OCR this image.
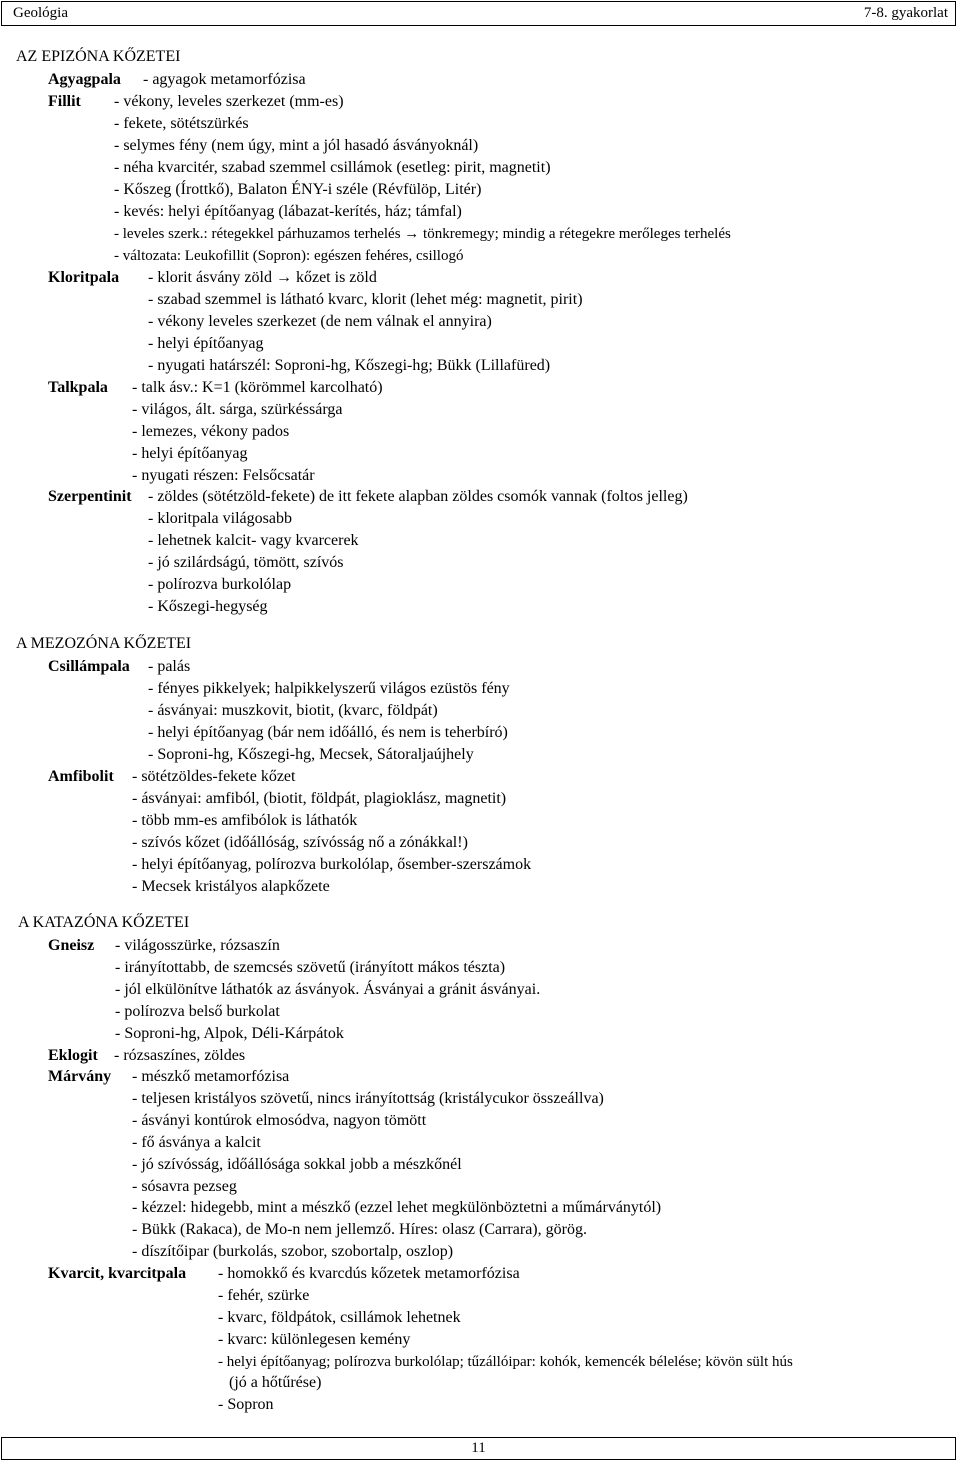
Geológia	7-8. gyakorlat
AZ EPIZÓNA KŐZETEI
Agyagpala - agyagok metamorfózisa
Fillit - vékony, leveles szerkezet (mm-es)
- fekete, sötétszürkés
- selymes fény (nem úgy, mint a jól hasadó ásványoknál)
- néha kvarcitér, szabad szemmel csillámok (esetleg: pirit, magnetit)
- Kőszeg (Írottkő), Balaton ÉNY-i széle (Révfülöp, Litér)
- kevés: helyi építőanyag (lábazat-kerítés, ház; támfal)
- leveles szerk.: rétegekkel párhuzamos terhelés → tönkremegy; mindig a rétegekre merőleges terhelés
- változata: Leukofillit (Sopron): egészen fehéres, csillogó
Kloritpala - klorit ásvány zöld → kőzet is zöld
- szabad szemmel is látható kvarc, klorit (lehet még: magnetit, pirit)
- vékony leveles szerkezet (de nem válnak el annyira)
- helyi építőanyag
- nyugati határszél: Soproni-hg, Kőszegi-hg; Bükk (Lillafüred)
Talkpala - talk ásv.: K=1 (körömmel karcolható)
- világos, ált. sárga, szürkéssárga
- lemezes, vékony pados
- helyi építőanyag
- nyugati részen: Felsőcsatár
Szerpentinit - zöldes (sötétzöld-fekete) de itt fekete alapban zöldes csomók vannak (foltos jelleg)
- kloritpala világosabb
- lehetnek kalcit- vagy kvarcerek
- jó szilárdságú, tömött, szívós
- polírozva burkolólap
- Kőszegi-hegység
A MEZOZÓNA KŐZETEI
Csillámpala - palás
- fényes pikkelyek; halpikkelyszerű világos ezüstös fény
- ásványai: muszkovit, biotit, (kvarc, földpát)
- helyi építőanyag (bár nem időálló, és nem is teherbíró)
- Soproni-hg, Kőszegi-hg, Mecsek, Sátoraljaújhely
Amfibolit - sötétzöldes-fekete kőzet
- ásványai: amfiból, (biotit, földpát, plagioklász, magnetit)
- több mm-es amfibólok is láthatók
- szívós kőzet (időállóság, szívósság nő a zónákkal!)
- helyi építőanyag, polírozva burkolólap, ősember-szerszámok
- Mecsek kristályos alapkőzete
A KATAZÓNA KŐZETEI
Gneisz - világosszürke, rózsaszín
- irányítottabb, de szemcsés szövetű (irányított mákos tészta)
- jól elkülönítve láthatók az ásványok. Ásványai a gránit ásványai.
- polírozva belső burkolat
- Soproni-hg, Alpok, Déli-Kárpátok
Eklogit - rózsaszínes, zöldes
Márvány - mészkő metamorfózisa
- teljesen kristályos szövetű, nincs irányítottság (kristálycukor összeállva)
- ásványi kontúrok elmosódva, nagyon tömött
- fő ásványa a kalcit
- jó szívósság, időállósága sokkal jobb a mészkőnél
- sósavra pezseg
- kézzel: hidegebb, mint a mészkő (ezzel lehet megkülönböztetni a műmárványtól)
- Bükk (Rakaca), de Mo-n nem jellemző. Híres: olasz (Carrara), görög.
- díszítőipar (burkolás, szobor, szobortalp, oszlop)
Kvarcit, kvarcitpala - homokkő és kvarcdús kőzetek metamorfózisa
- fehér, szürke
- kvarc, földpátok, csillámok lehetnek
- kvarc: különlegesen kemény
- helyi építőanyag; polírozva burkolólap; tűzállóipar: kohók, kemencék bélelése; kövön sült hús
(jó a hőtűrése)
- Sopron
11
